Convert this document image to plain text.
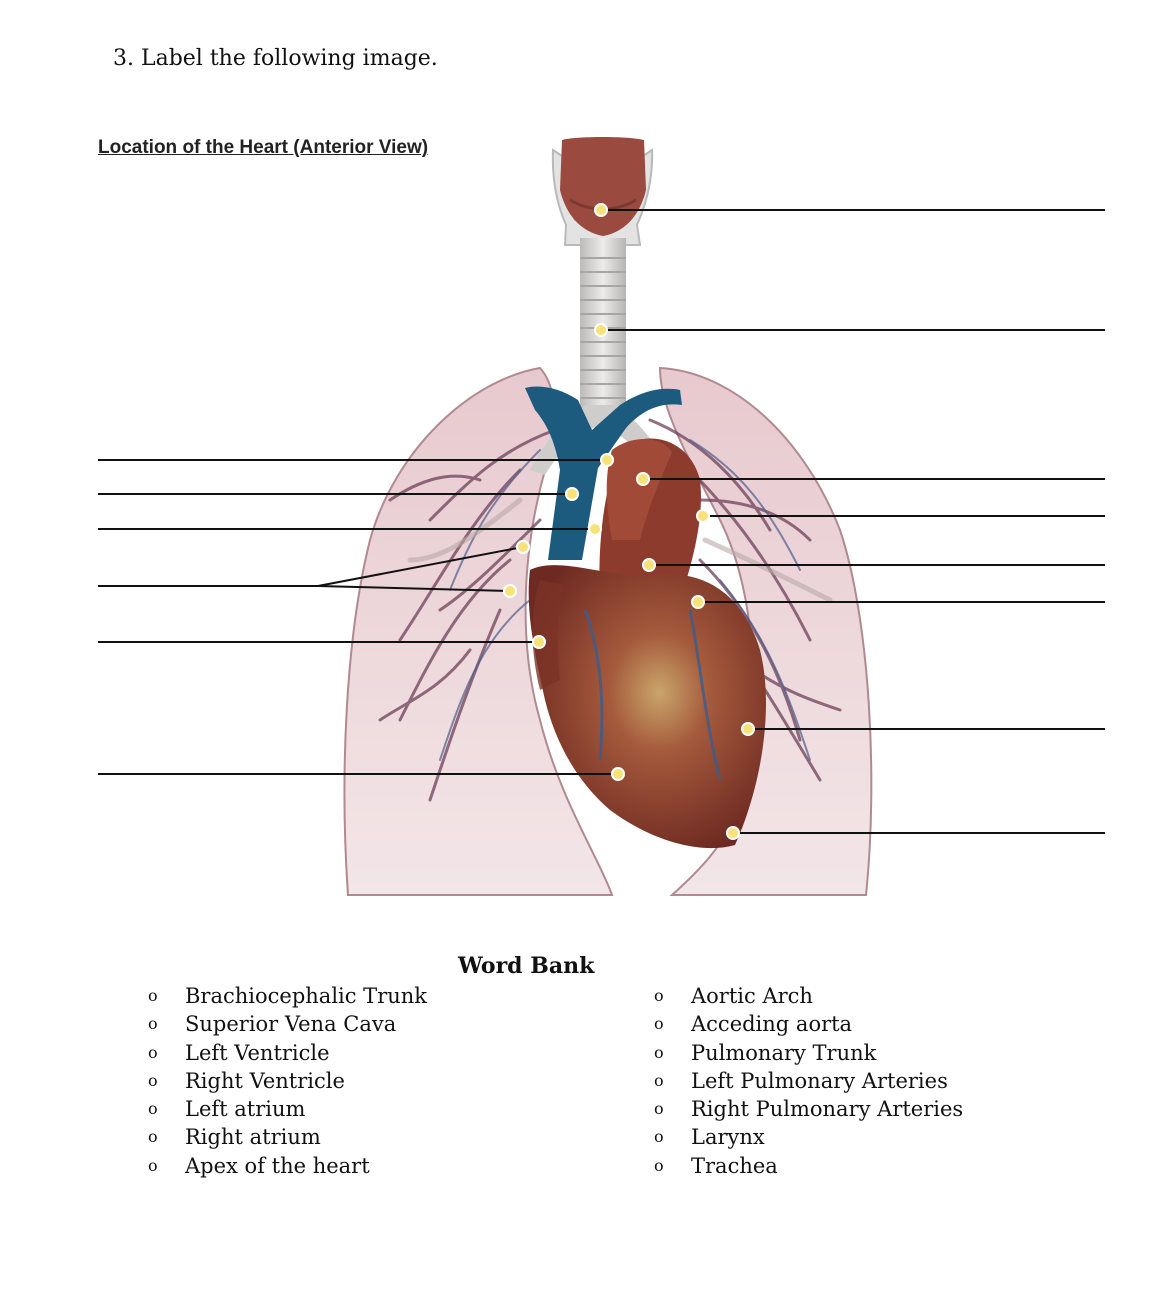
3. Label the following image.
Location of the Heart (Anterior View)
Word Bank
o Brachiocephalic Trunk
o Superior Vena Cava
o Left Ventricle
o Right Ventricle
o Left atrium
o Right atrium
o Apex of the heart
o Aortic Arch
o Acceding aorta
o Pulmonary Trunk
o Left Pulmonary Arteries
o Right Pulmonary Arteries
o Larynx
o Trachea
